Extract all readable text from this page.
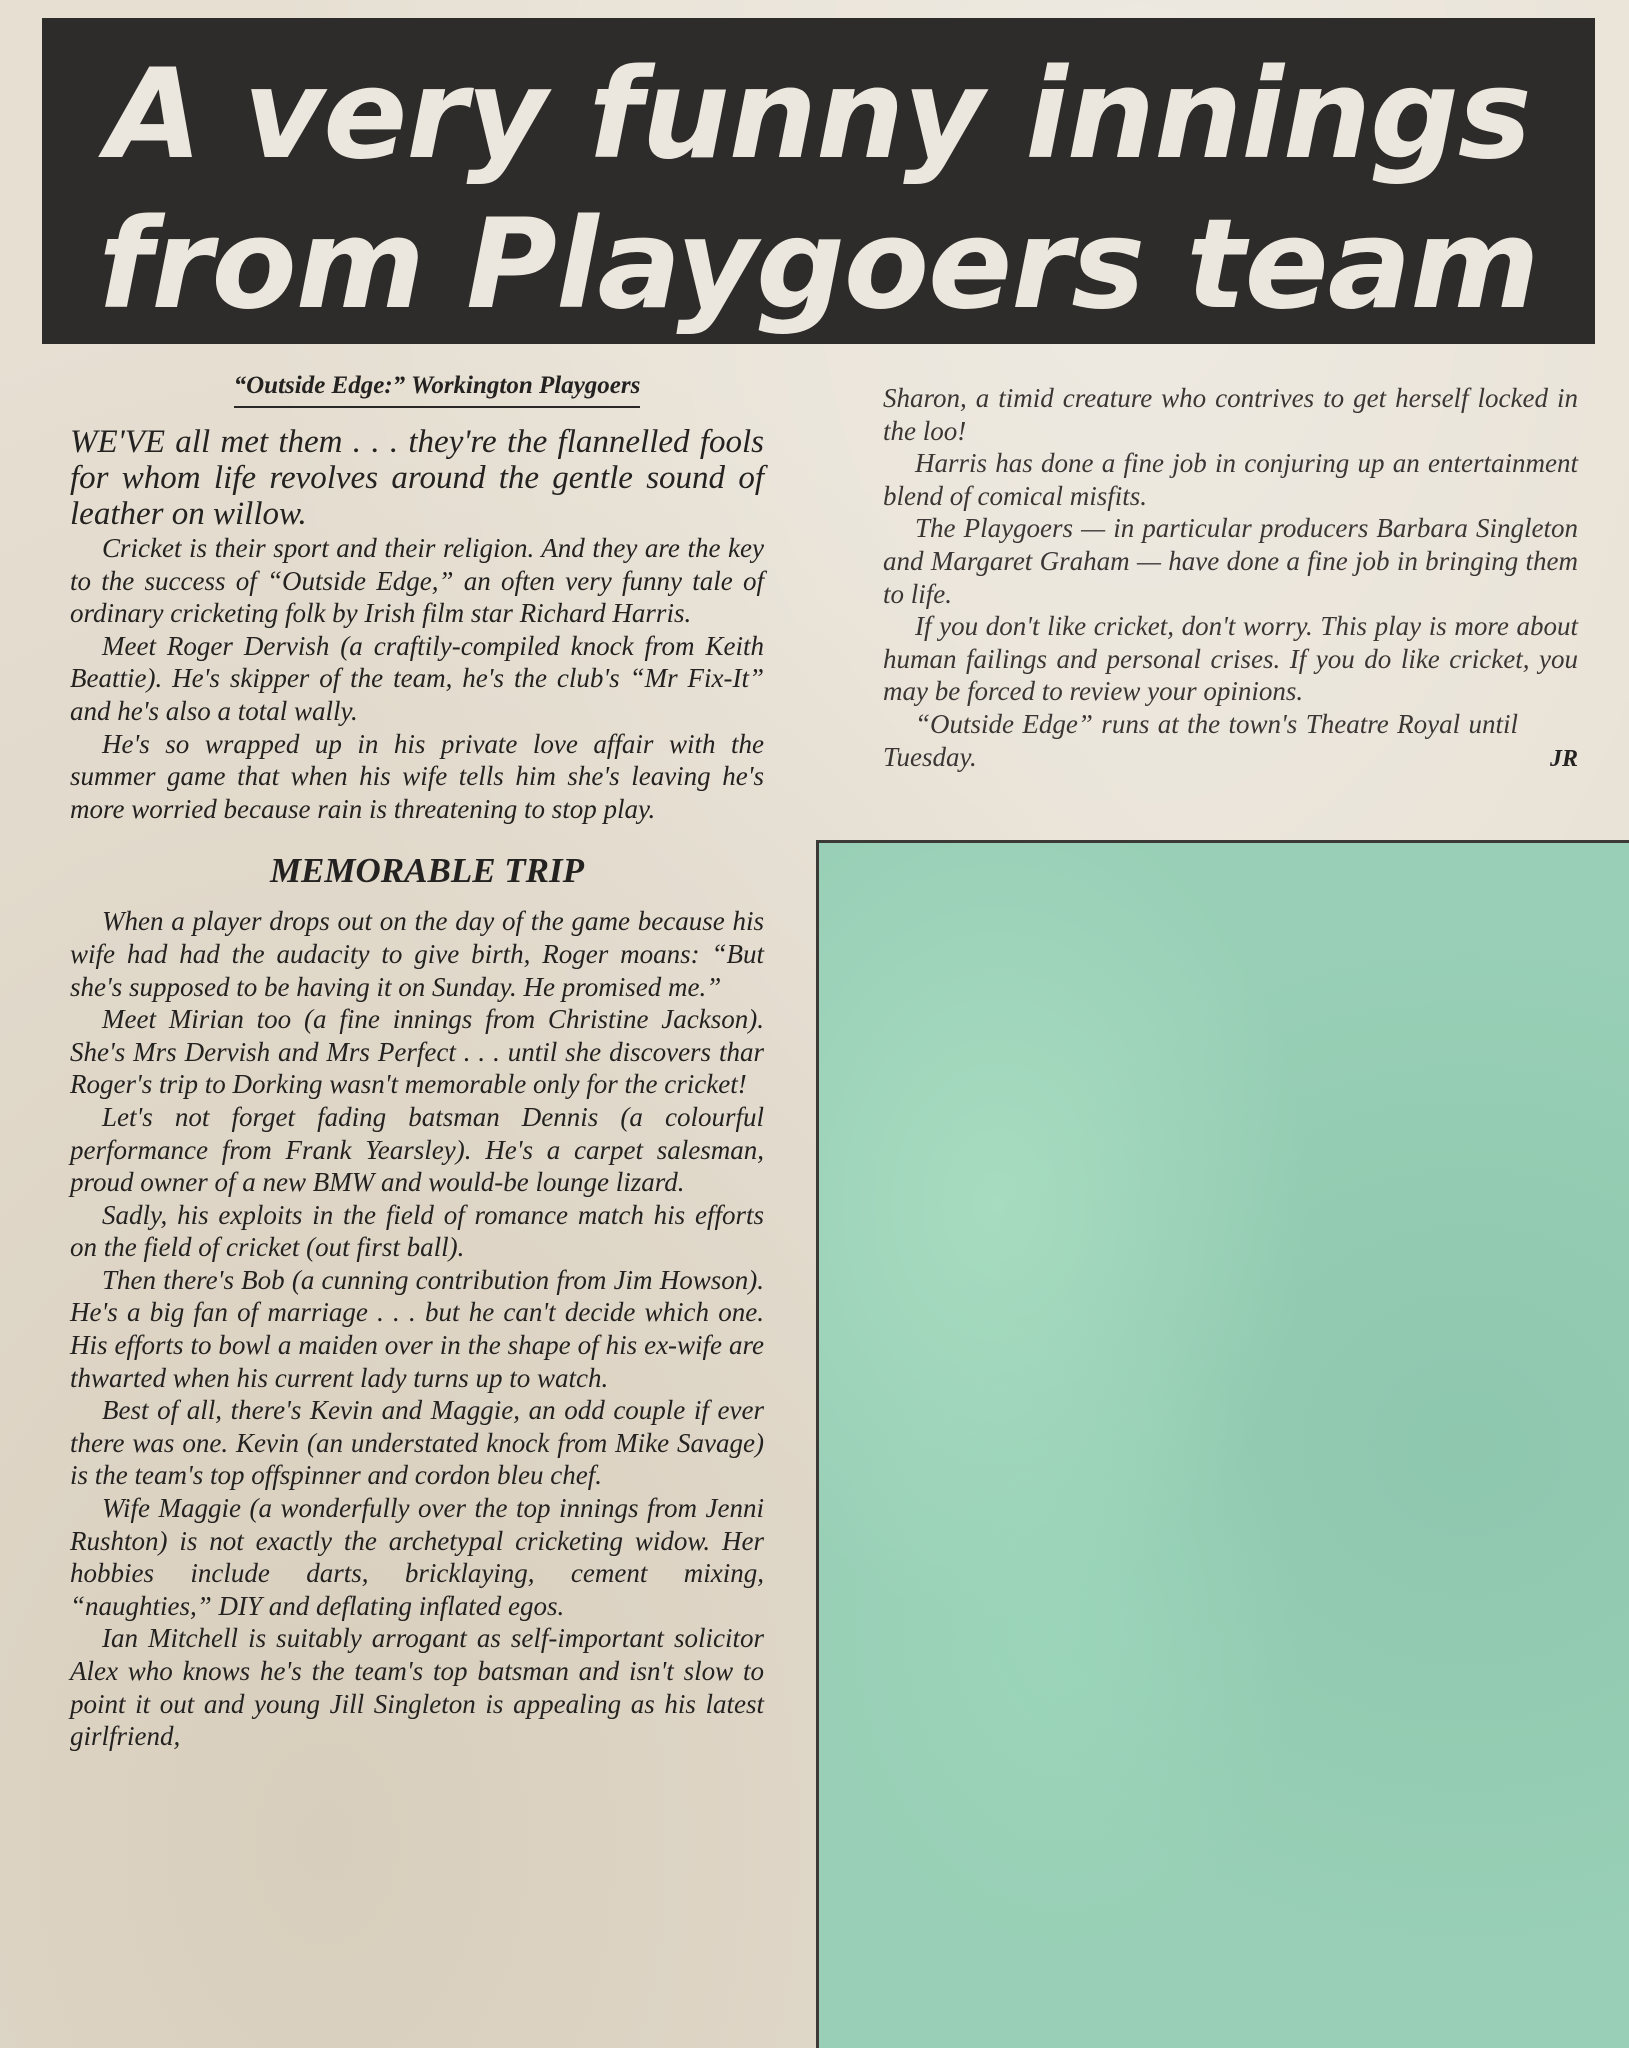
A very funny innings
from Playgoers team
“Outside Edge:” Workington Playgoers

WE'VE all met them . . . they're the flannelled fools for whom life revolves around the gentle sound of leather on willow.

Cricket is their sport and their religion. And they are the key to the success of “Outside Edge,” an often very funny tale of ordinary cricketing folk by Irish film star Richard Harris.

Meet Roger Dervish (a craftily-compiled knock from Keith Beattie). He's skipper of the team, he's the club's “Mr Fix-It” and he's also a total wally.

He's so wrapped up in his private love affair with the summer game that when his wife tells him she's leaving he's more worried because rain is threatening to stop play.

MEMORABLE TRIP

When a player drops out on the day of the game because his wife had had the audacity to give birth, Roger moans: “But she's supposed to be having it on Sunday. He promised me.”

Meet Mirian too (a fine innings from Christine Jackson). She's Mrs Dervish and Mrs Perfect . . . until she discovers thar Roger's trip to Dorking wasn't memorable only for the cricket!

Let's not forget fading batsman Dennis (a colourful performance from Frank Yearsley). He's a carpet salesman, proud owner of a new BMW and would-be lounge lizard.

Sadly, his exploits in the field of romance match his efforts on the field of cricket (out first ball).

Then there's Bob (a cunning contribution from Jim Howson). He's a big fan of marriage . . . but he can't decide which one. His efforts to bowl a maiden over in the shape of his ex-wife are thwarted when his current lady turns up to watch.

Best of all, there's Kevin and Maggie, an odd couple if ever there was one. Kevin (an understated knock from Mike Savage) is the team's top offspinner and cordon bleu chef.

Wife Maggie (a wonderfully over the top innings from Jenni Rushton) is not exactly the archetypal cricketing widow. Her hobbies include darts, bricklaying, cement mixing, “naughties,” DIY and deflating inflated egos.

Ian Mitchell is suitably arrogant as self-important solicitor Alex who knows he's the team's top batsman and isn't slow to point it out and young Jill Singleton is appealing as his latest girlfriend,

Sharon, a timid creature who contrives to get herself locked in the loo!

Harris has done a fine job in conjuring up an entertainment blend of comical misfits.

The Playgoers — in particular producers Barbara Singleton and Margaret Graham — have done a fine job in bringing them to life.

If you don't like cricket, don't worry. This play is more about human failings and personal crises. If you do like cricket, you may be forced to review your opinions.

“Outside Edge” runs at the town's Theatre Royal until Tuesday.	JR
